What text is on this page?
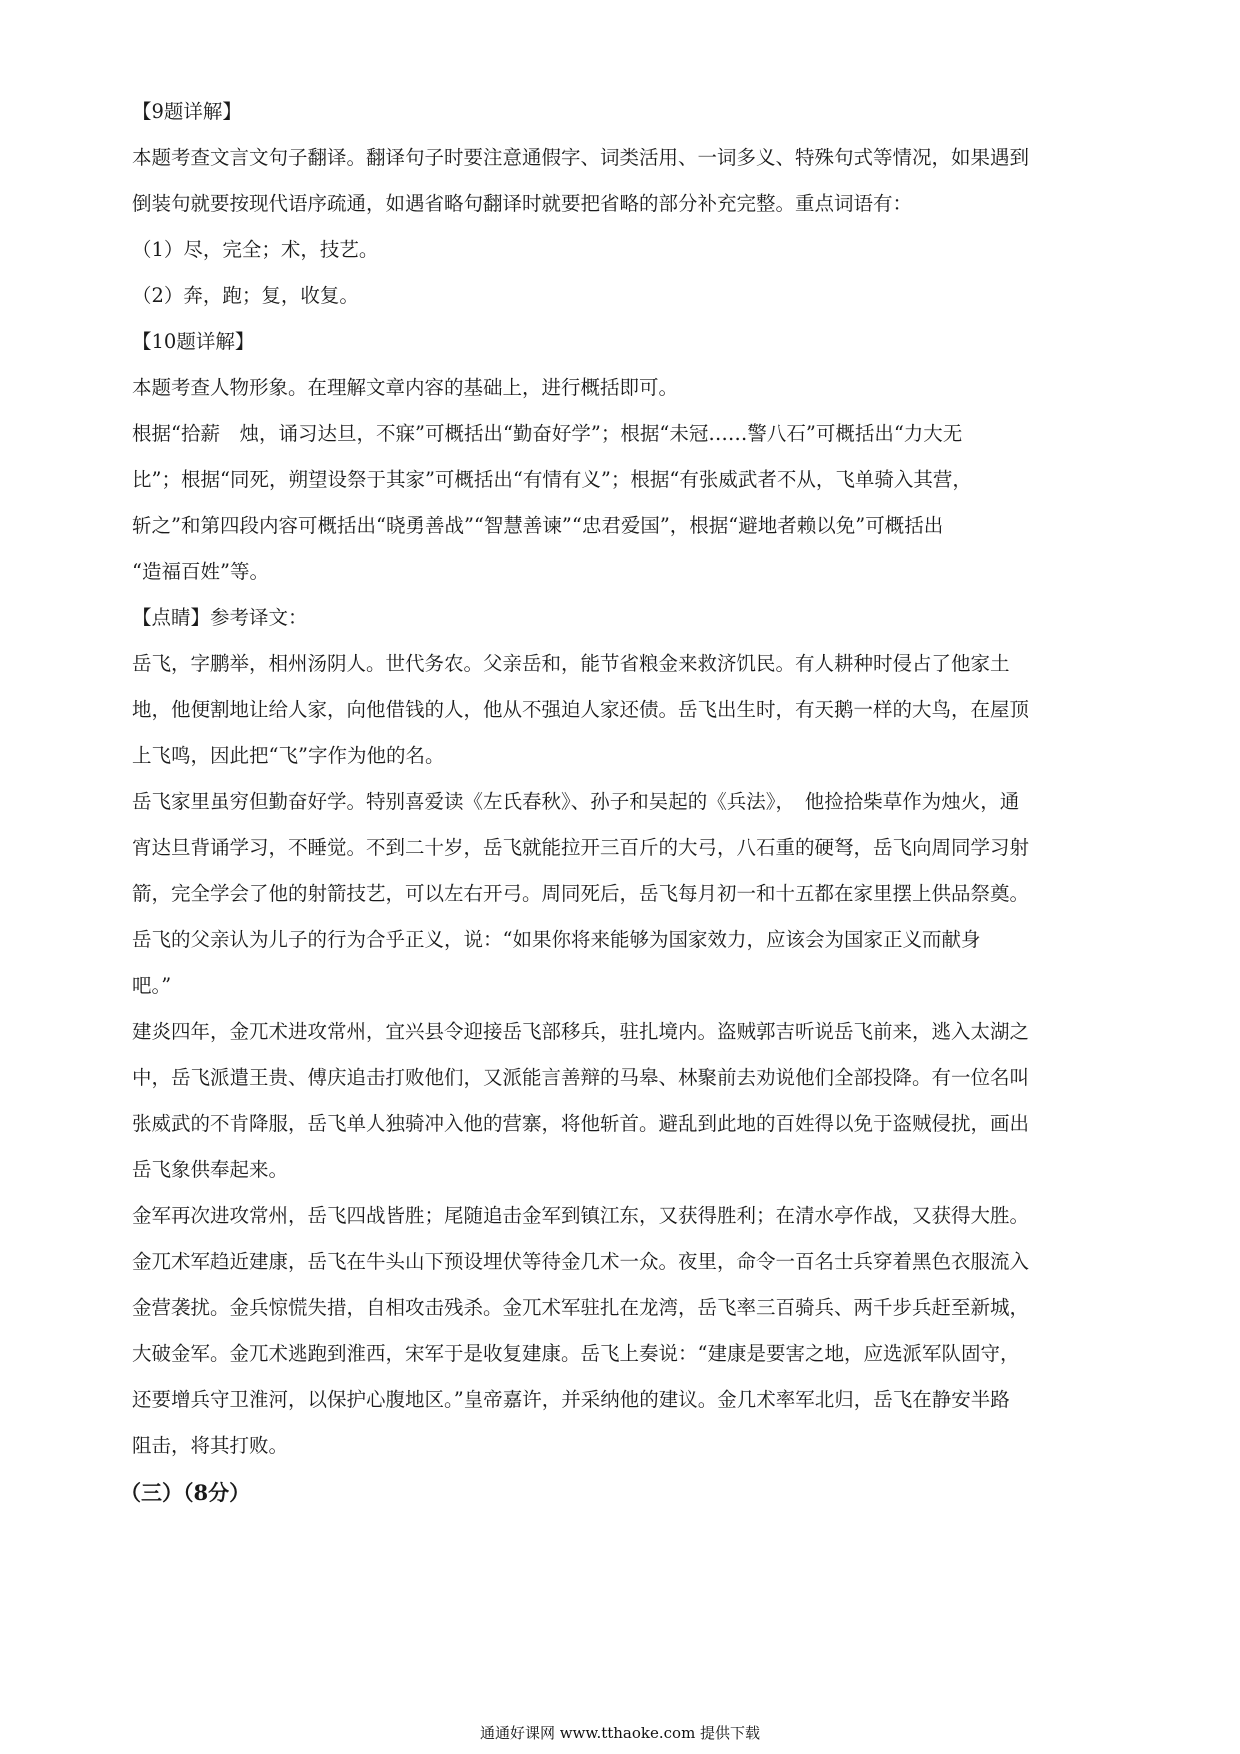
【9题详解】
本题考查文言文句子翻译。翻译句子时要注意通假字、词类活用、一词多义、特殊句式等情况，如果遇到
倒装句就要按现代语序疏通，如遇省略句翻译时就要把省略的部分补充完整。重点词语有：
（1）尽，完全；术，技艺。
（2）奔，跑；复，收复。
【10题详解】
本题考查人物形象。在理解文章内容的基础上，进行概括即可。
根据“拾薪　烛，诵习达旦，不寐”可概括出“勤奋好学”；根据“未冠……警八石”可概括出“力大无
比”；根据“同死，朔望设祭于其家”可概括出“有情有义”；根据“有张威武者不从，飞单骑入其营，
斩之”和第四段内容可概括出“晓勇善战”“智慧善谏”“忠君爱国”，根据“避地者赖以免”可概括出
“造福百姓”等。
【点睛】参考译文：
岳飞，字鹏举，相州汤阴人。世代务农。父亲岳和，能节省粮金来救济饥民。有人耕种时侵占了他家土
地，他便割地让给人家，向他借钱的人，他从不强迫人家还债。岳飞出生时，有天鹅一样的大鸟，在屋顶
上飞鸣，因此把“飞”字作为他的名。
岳飞家里虽穷但勤奋好学。特别喜爱读《左氏春秋》、孙子和吴起的《兵法》，　他捡拾柴草作为烛火，通
宵达旦背诵学习，不睡觉。不到二十岁，岳飞就能拉开三百斤的大弓，八石重的硬弩，岳飞向周同学习射
箭，完全学会了他的射箭技艺，可以左右开弓。周同死后，岳飞每月初一和十五都在家里摆上供品祭奠。
岳飞的父亲认为儿子的行为合乎正义，说：“如果你将来能够为国家效力，应该会为国家正义而献身
吧。”
建炎四年，金兀术进攻常州，宜兴县令迎接岳飞部移兵，驻扎境内。盗贼郭吉听说岳飞前来，逃入太湖之
中，岳飞派遣王贵、傅庆追击打败他们，又派能言善辩的马皋、林聚前去劝说他们全部投降。有一位名叫
张威武的不肯降服，岳飞单人独骑冲入他的营寨，将他斩首。避乱到此地的百姓得以免于盗贼侵扰，画出
岳飞象供奉起来。
金军再次进攻常州，岳飞四战皆胜；尾随追击金军到镇江东，又获得胜利；在清水亭作战，又获得大胜。
金兀术军趋近建康，岳飞在牛头山下预设埋伏等待金几术一众。夜里，命令一百名士兵穿着黑色衣服流入
金营袭扰。金兵惊慌失措，自相攻击残杀。金兀术军驻扎在龙湾，岳飞率三百骑兵、两千步兵赶至新城，
大破金军。金兀术逃跑到淮西，宋军于是收复建康。岳飞上奏说：“建康是要害之地，应选派军队固守，
还要增兵守卫淮河，以保护心腹地区。”皇帝嘉许，并采纳他的建议。金几术率军北归，岳飞在静安半路
阻击，将其打败。
（三）（8分）
通通好课网 www.tthaoke.com 提供下载
